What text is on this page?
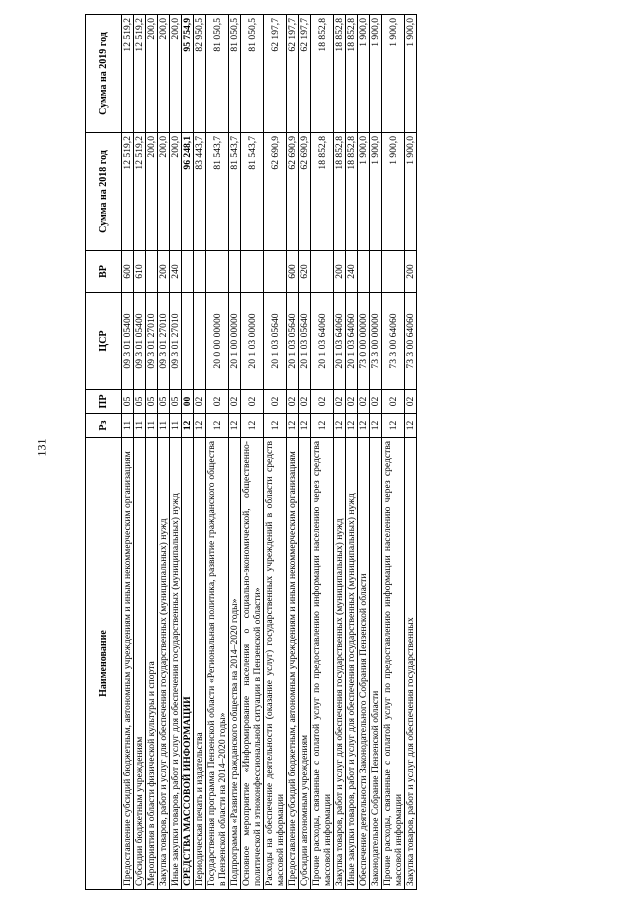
131
Наименование	Рз	ПР	ЦСР	ВР	Сумма на 2018 год	Сумма на 2019 год
Предоставление субсидий бюджетным, автономным учреждениям и иным некоммерческим организациям	11	05	09 3 01 05400	600	12 519,2	12 519,2
Субсидии бюджетным учреждениям	11	05	09 3 01 05400	610	12 519,2	12 519,2
Мероприятия в области физической культуры и спорта	11	05	09 3 01 27010		200,0	200,0
Закупка товаров, работ и услуг для обеспечения государственных (муниципальных) нужд	11	05	09 3 01 27010	200	200,0	200,0
Иные закупки товаров, работ и услуг для обеспечения государственных (муниципальных) нужд	11	05	09 3 01 27010	240	200,0	200,0
СРЕДСТВА МАССОВОЙ ИНФОРМАЦИИ	12	00			96 248,1	95 754,9
Периодическая печать и издательства	12	02			83 443,7	82 950,5
Государственная программа Пензенской области «Региональная политика, развитие гражданского общества в Пензенской области на 2014–2020 годы»	12	02	20 0 00 00000		81 543,7	81 050,5
Подпрограмма «Развитие гражданского общества на 2014–2020 годы»	12	02	20 1 00 00000		81 543,7	81 050,5
Основное мероприятие «Информирование населения о социально-экономической, общественно-политической и этноконфессиональной ситуации в Пензенской области»	12	02	20 1 03 00000		81 543,7	81 050,5
Расходы на обеспечение деятельности (оказание услуг) государственных учреждений в области средств массовой информации	12	02	20 1 03 05640		62 690,9	62 197,7
Предоставление субсидий бюджетным, автономным учреждениям и иным некоммерческим организациям	12	02	20 1 03 05640	600	62 690,9	62 197,7
Субсидии автономным учреждениям	12	02	20 1 03 05640	620	62 690,9	62 197,7
Прочие расходы, связанные с оплатой услуг по предоставлению информации населению через средства массовой информации	12	02	20 1 03 64060		18 852,8	18 852,8
Закупка товаров, работ и услуг для обеспечения государственных (муниципальных) нужд	12	02	20 1 03 64060	200	18 852,8	18 852,8
Иные закупки товаров, работ и услуг для обеспечения государственных (муниципальных) нужд	12	02	20 1 03 64060	240	18 852,8	18 852,8
Обеспечение деятельности Законодательного Собрания Пензенской области	12	02	73 0 00 00000		1 900,0	1 900,0
Законодательное Собрание Пензенской области	12	02	73 3 00 00000		1 900,0	1 900,0
Прочие расходы, связанные с оплатой услуг по предоставлению информации населению через средства массовой информации	12	02	73 3 00 64060		1 900,0	1 900,0
Закупка товаров, работ и услуг для обеспечения государственных	12	02	73 3 00 64060	200	1 900,0	1 900,0
